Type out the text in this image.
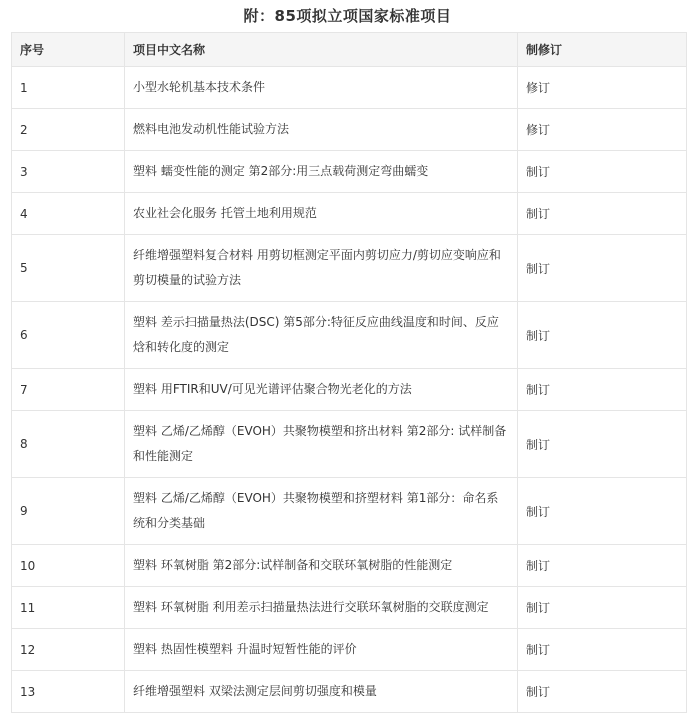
附：85项拟立项国家标准项目
序号	项目中文名称	制修订
1	小型水轮机基本技术条件	修订
2	燃料电池发动机性能试验方法	修订
3	塑料 蠕变性能的测定 第2部分:用三点载荷测定弯曲蠕变	制订
4	农业社会化服务 托管土地利用规范	制订
5	纤维增强塑料复合材料 用剪切框测定平面内剪切应力/剪切应变响应和剪切模量的试验方法	制订
6	塑料 差示扫描量热法(DSC) 第5部分:特征反应曲线温度和时间、反应焓和转化度的测定	制订
7	塑料 用FTIR和UV/可见光谱评估聚合物光老化的方法	制订
8	塑料 乙烯/乙烯醇（EVOH）共聚物模塑和挤出材料 第2部分: 试样制备和性能测定	制订
9	塑料 乙烯/乙烯醇（EVOH）共聚物模塑和挤塑材料 第1部分：命名系统和分类基础	制订
10	塑料 环氧树脂 第2部分:试样制备和交联环氧树脂的性能测定	制订
11	塑料 环氧树脂 利用差示扫描量热法进行交联环氧树脂的交联度测定	制订
12	塑料 热固性模塑料 升温时短暂性能的评价	制订
13	纤维增强塑料 双梁法测定层间剪切强度和模量	制订
